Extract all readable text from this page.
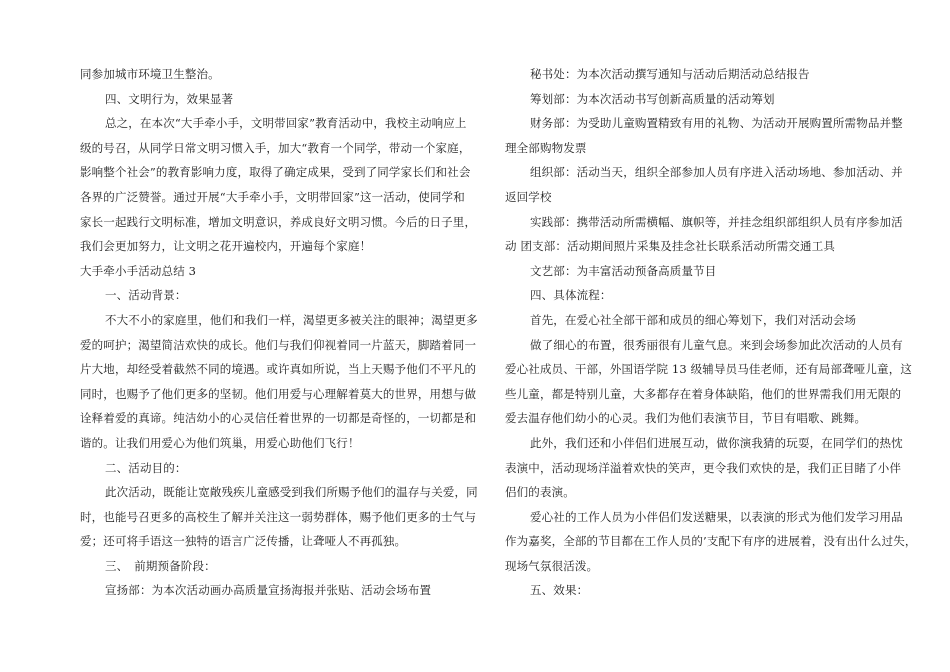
同参加城市环境卫生整治。
四、文明行为，效果显著
总之，在本次“大手牵小手，文明带回家”教育活动中，我校主动响应上
级的号召，从同学日常文明习惯入手，加大“教育一个同学，带动一个家庭，
影响整个社会”的教育影响力度，取得了确定成果，受到了同学家长们和社会
各界的广泛赞誉。通过开展“大手牵小手，文明带回家”这一活动，使同学和
家长一起践行文明标准，增加文明意识，养成良好文明习惯。今后的日子里，
我们会更加努力，让文明之花开遍校内，开遍每个家庭！
大手牵小手活动总结 3
一、活动背景：
不大不小的家庭里，他们和我们一样，渴望更多被关注的眼神；渴望更多
爱的呵护；渴望简洁欢快的成长。他们与我们仰视着同一片蓝天，脚踏着同一
片大地，却经受着截然不同的境遇。或许真如所说，当上天赐予他们不平凡的
同时，也赐予了他们更多的坚韧。他们用爱与心理解着莫大的世界，用想与做
诠释着爱的真谛。纯洁幼小的心灵信任着世界的一切都是奇怪的，一切都是和
谐的。让我们用爱心为他们筑巢，用爱心助他们飞行！
二、活动目的：
此次活动，既能让宽敞残疾儿童感受到我们所赐予他们的温存与关爱，同
时，也能号召更多的高校生了解并关注这一弱势群体，赐予他们更多的士气与
爱；还可将手语这一独特的语言广泛传播，让聋哑人不再孤独。
三、　前期预备阶段：
宣扬部：为本次活动画办高质量宣扬海报并张贴、活动会场布置
秘书处：为本次活动撰写通知与活动后期活动总结报告
筹划部：为本次活动书写创新高质量的活动筹划
财务部：为受助儿童购置精致有用的礼物、为活动开展购置所需物品并整
理全部购物发票
组织部：活动当天，组织全部参加人员有序进入活动场地、参加活动、并
返回学校
实践部：携带活动所需横幅、旗帜等，并挂念组织部组织人员有序参加活
动 团支部：活动期间照片采集及挂念社长联系活动所需交通工具
文艺部：为丰富活动预备高质量节目
四、具体流程：
首先，在爱心社全部干部和成员的细心筹划下，我们对活动会场
做了细心的布置，很秀丽很有儿童气息。来到会场参加此次活动的人员有
爱心社成员、干部，外国语学院 13 级辅导员马佳老师，还有局部聋哑儿童，这
些儿童，都是特别儿童，大多都存在着身体缺陷，他们的世界需我们用无限的
爱去温存他们幼小的心灵。我们为他们表演节目，节目有唱歌、跳舞。
此外，我们还和小伴侣们进展互动，做你演我猜的玩耍，在同学们的热忱
表演中，活动现场洋溢着欢快的笑声，更令我们欢快的是，我们正目睹了小伴
侣们的表演。
爱心社的工作人员为小伴侣们发送糖果，以表演的形式为他们发学习用品
作为嘉奖，全部的节目都在工作人员的’支配下有序的进展着，没有出什么过失，
现场气氛很活泼。
五、效果：
